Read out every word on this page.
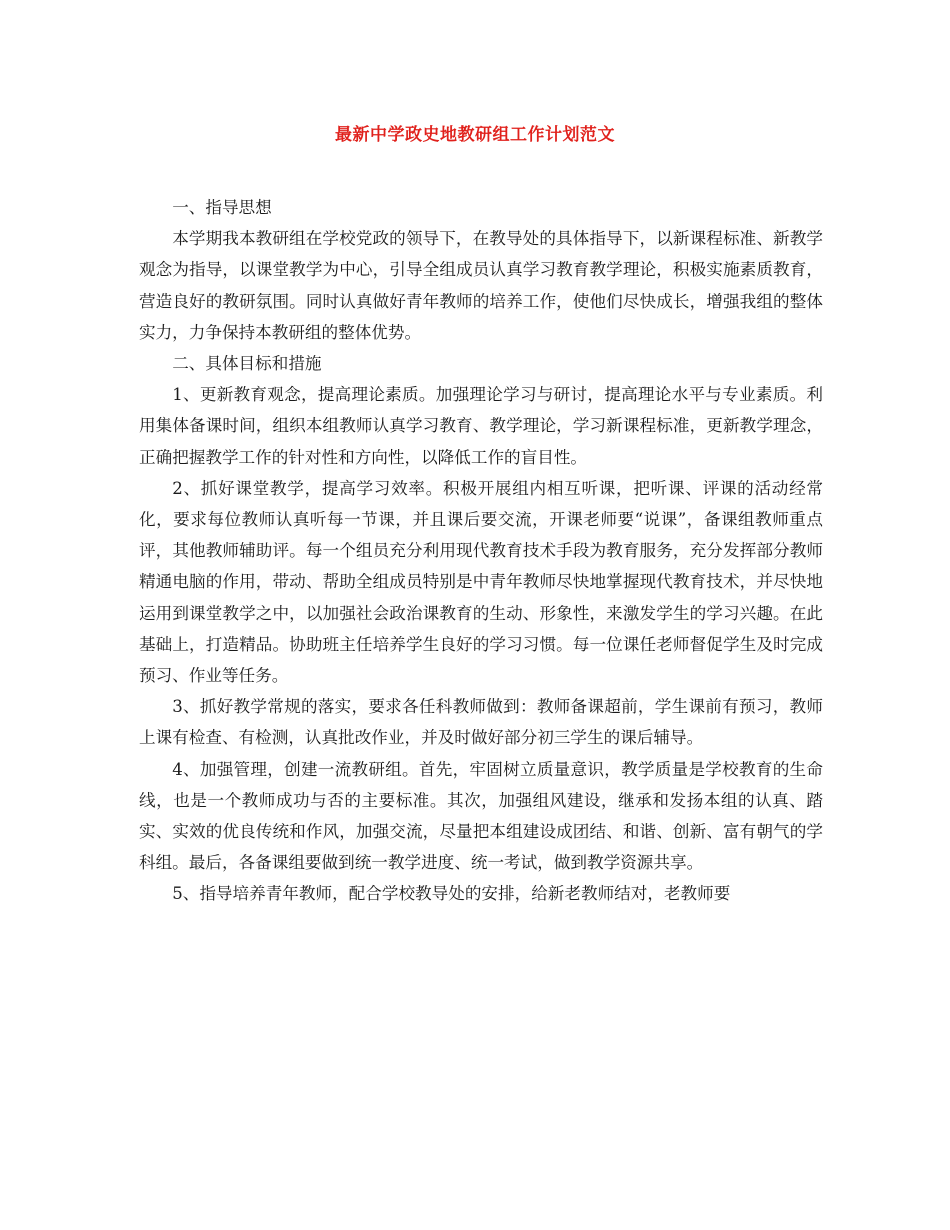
最新中学政史地教研组工作计划范文

一、指导思想

本学期我本教研组在学校党政的领导下，在教导处的具体指导下，以新课程标准、新教学观念为指导，以课堂教学为中心，引导全组成员认真学习教育教学理论，积极实施素质教育，营造良好的教研氛围。同时认真做好青年教师的培养工作，使他们尽快成长，增强我组的整体实力，力争保持本教研组的整体优势。

二、具体目标和措施

1、更新教育观念，提高理论素质。加强理论学习与研讨，提高理论水平与专业素质。利用集体备课时间，组织本组教师认真学习教育、教学理论，学习新课程标准，更新教学理念，正确把握教学工作的针对性和方向性，以降低工作的盲目性。

2、抓好课堂教学，提高学习效率。积极开展组内相互听课，把听课、评课的活动经常化，要求每位教师认真听每一节课，并且课后要交流，开课老师要“说课”，备课组教师重点评，其他教师辅助评。每一个组员充分利用现代教育技术手段为教育服务，充分发挥部分教师精通电脑的作用，带动、帮助全组成员特别是中青年教师尽快地掌握现代教育技术，并尽快地运用到课堂教学之中，以加强社会政治课教育的生动、形象性，来激发学生的学习兴趣。在此基础上，打造精品。协助班主任培养学生良好的学习习惯。每一位课任老师督促学生及时完成预习、作业等任务。

3、抓好教学常规的落实，要求各任科教师做到：教师备课超前，学生课前有预习，教师上课有检查、有检测，认真批改作业，并及时做好部分初三学生的课后辅导。

4、加强管理，创建一流教研组。首先，牢固树立质量意识，教学质量是学校教育的生命线，也是一个教师成功与否的主要标准。其次，加强组风建设，继承和发扬本组的认真、踏实、实效的优良传统和作风，加强交流，尽量把本组建设成团结、和谐、创新、富有朝气的学科组。最后，各备课组要做到统一教学进度、统一考试，做到教学资源共享。

5、指导培养青年教师，配合学校教导处的安排，给新老教师结对，老教师要
